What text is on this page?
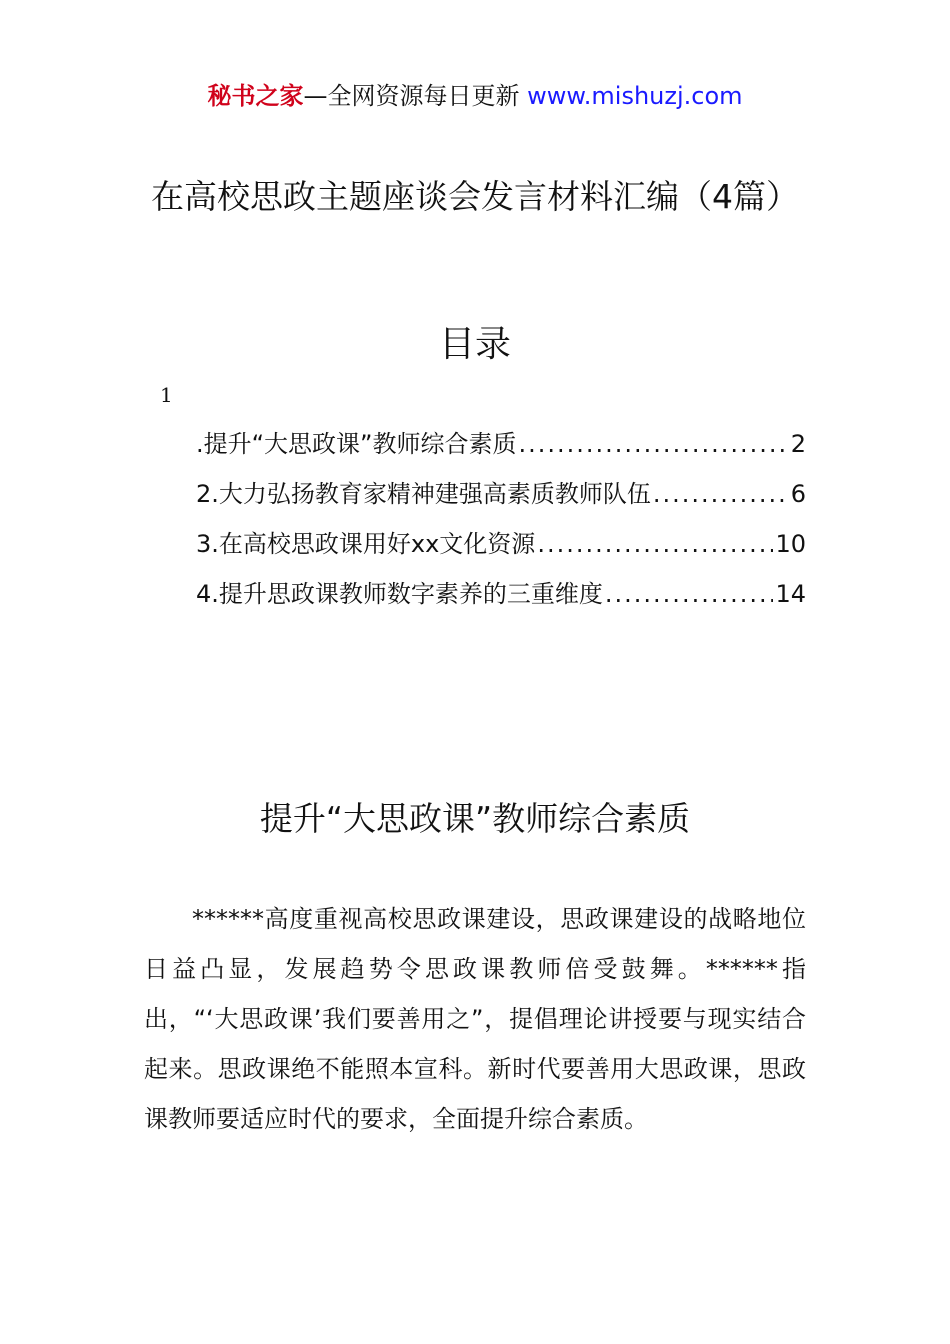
秘书之家—全网资源每日更新 www.mishuzj.com
在高校思政主题座谈会发言材料汇编（4篇）
目录
1
.提升“大思政课”教师综合素质 .....	2
2.大力弘扬教育家精神建强高素质教师队伍 .....	6
3.在高校思政课用好xx文化资源 .....	10
4.提升思政课教师数字素养的三重维度 .....	14
提升“大思政课”教师综合素质

******高度重视高校思政课建设，思政课建设的战略地位日益凸显，发展趋势令思政课教师倍受鼓舞。******指出，“‘大思政课’我们要善用之”，提倡理论讲授要与现实结合起来。思政课绝不能照本宣科。新时代要善用大思政课，思政课教师要适应时代的要求，全面提升综合素质。
